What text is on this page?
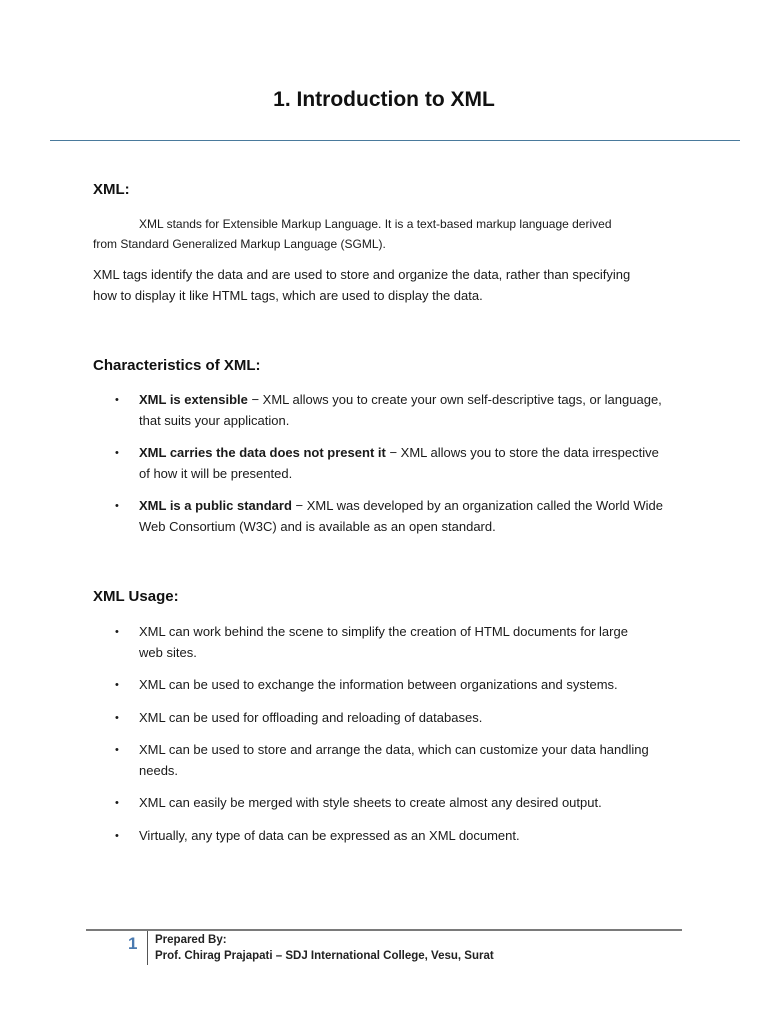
1. Introduction to XML
XML:
XML stands for Extensible Markup Language. It is a text-based markup language derived
from Standard Generalized Markup Language (SGML).
XML tags identify the data and are used to store and organize the data, rather than specifying how to display it like HTML tags, which are used to display the data.
Characteristics of XML:
• XML is extensible − XML allows you to create your own self-descriptive tags, or language, that suits your application.
• XML carries the data does not present it − XML allows you to store the data irrespective of how it will be presented.
• XML is a public standard − XML was developed by an organization called the World Wide Web Consortium (W3C) and is available as an open standard.
XML Usage:
• XML can work behind the scene to simplify the creation of HTML documents for large web sites.
• XML can be used to exchange the information between organizations and systems.
• XML can be used for offloading and reloading of databases.
• XML can be used to store and arrange the data, which can customize your data handling needs.
• XML can easily be merged with style sheets to create almost any desired output.
• Virtually, any type of data can be expressed as an XML document.
1 Prepared By:
Prof. Chirag Prajapati – SDJ International College, Vesu, Surat
